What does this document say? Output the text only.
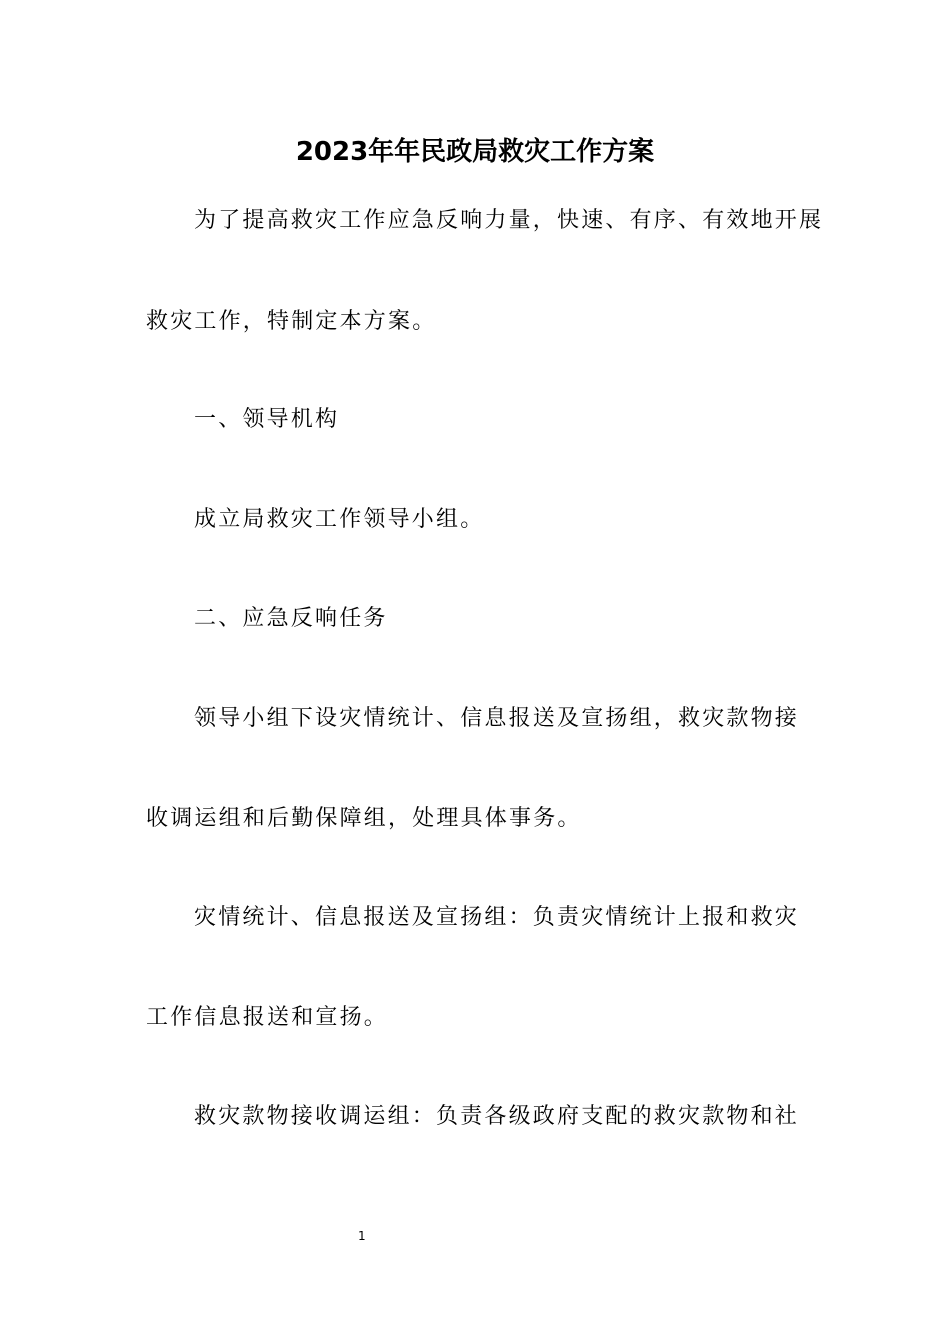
2023年年民政局救灾工作方案
为了提高救灾工作应急反响力量，快速、有序、有效地开展
救灾工作，特制定本方案。
一、领导机构
成立局救灾工作领导小组。
二、应急反响任务
领导小组下设灾情统计、信息报送及宣扬组，救灾款物接
收调运组和后勤保障组，处理具体事务。
灾情统计、信息报送及宣扬组：负责灾情统计上报和救灾
工作信息报送和宣扬。
救灾款物接收调运组：负责各级政府支配的救灾款物和社
1
